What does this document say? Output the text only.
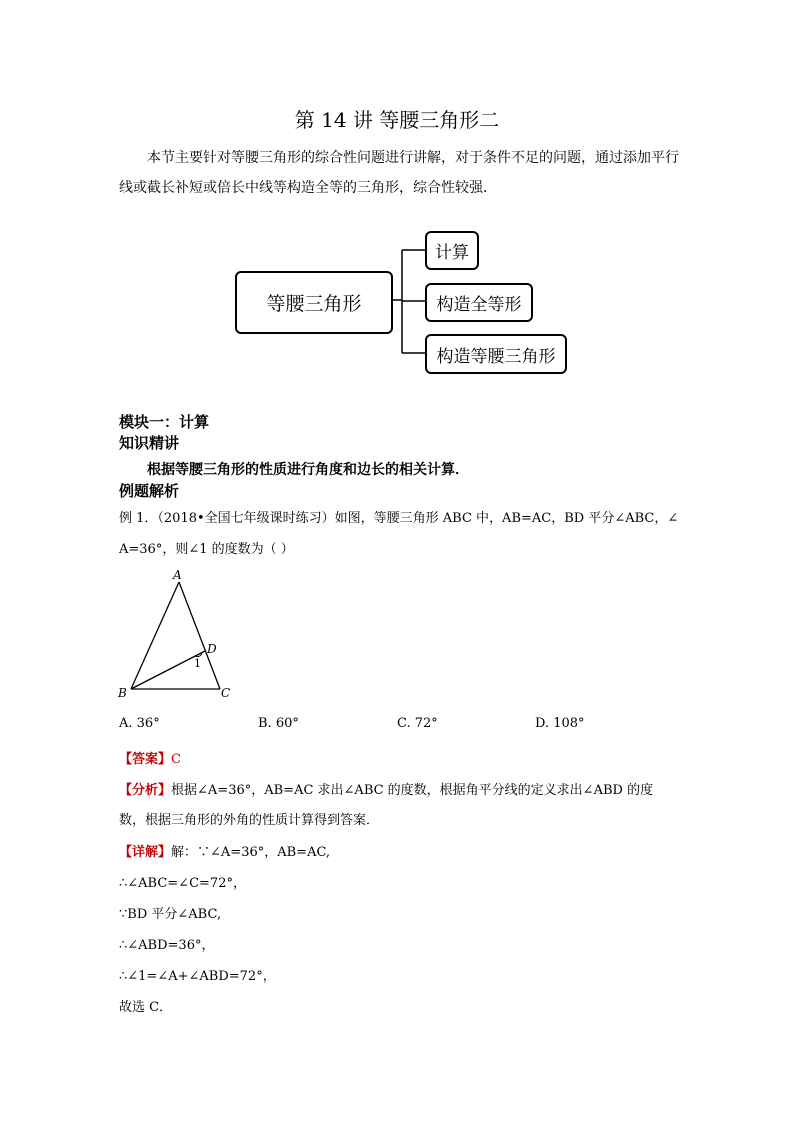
第 14 讲 等腰三角形二
本节主要针对等腰三角形的综合性问题进行讲解，对于条件不足的问题，通过添加平行线或截长补短或倍长中线等构造全等的三角形，综合性较强．
等腰三角形
计算
构造全等形
构造等腰三角形
模块一：计算
知识精讲
根据等腰三角形的性质进行角度和边长的相关计算．
例题解析
例 1．（2018•全国七年级课时练习）如图，等腰三角形 ABC 中，AB=AC，BD 平分∠ABC，∠
A=36°，则∠1 的度数为（ ）
A
B	C
D
1
A. 36°	B. 60°	C. 72°	D. 108°
【答案】C
【分析】根据∠A=36°，AB=AC 求出∠ABC 的度数，根据角平分线的定义求出∠ABD 的度
数，根据三角形的外角的性质计算得到答案．
【详解】解：∵∠A=36°，AB=AC,
∴∠ABC=∠C=72°，
∵BD 平分∠ABC,
∴∠ABD=36°，
∴∠1=∠A+∠ABD=72°，
故选 C．
